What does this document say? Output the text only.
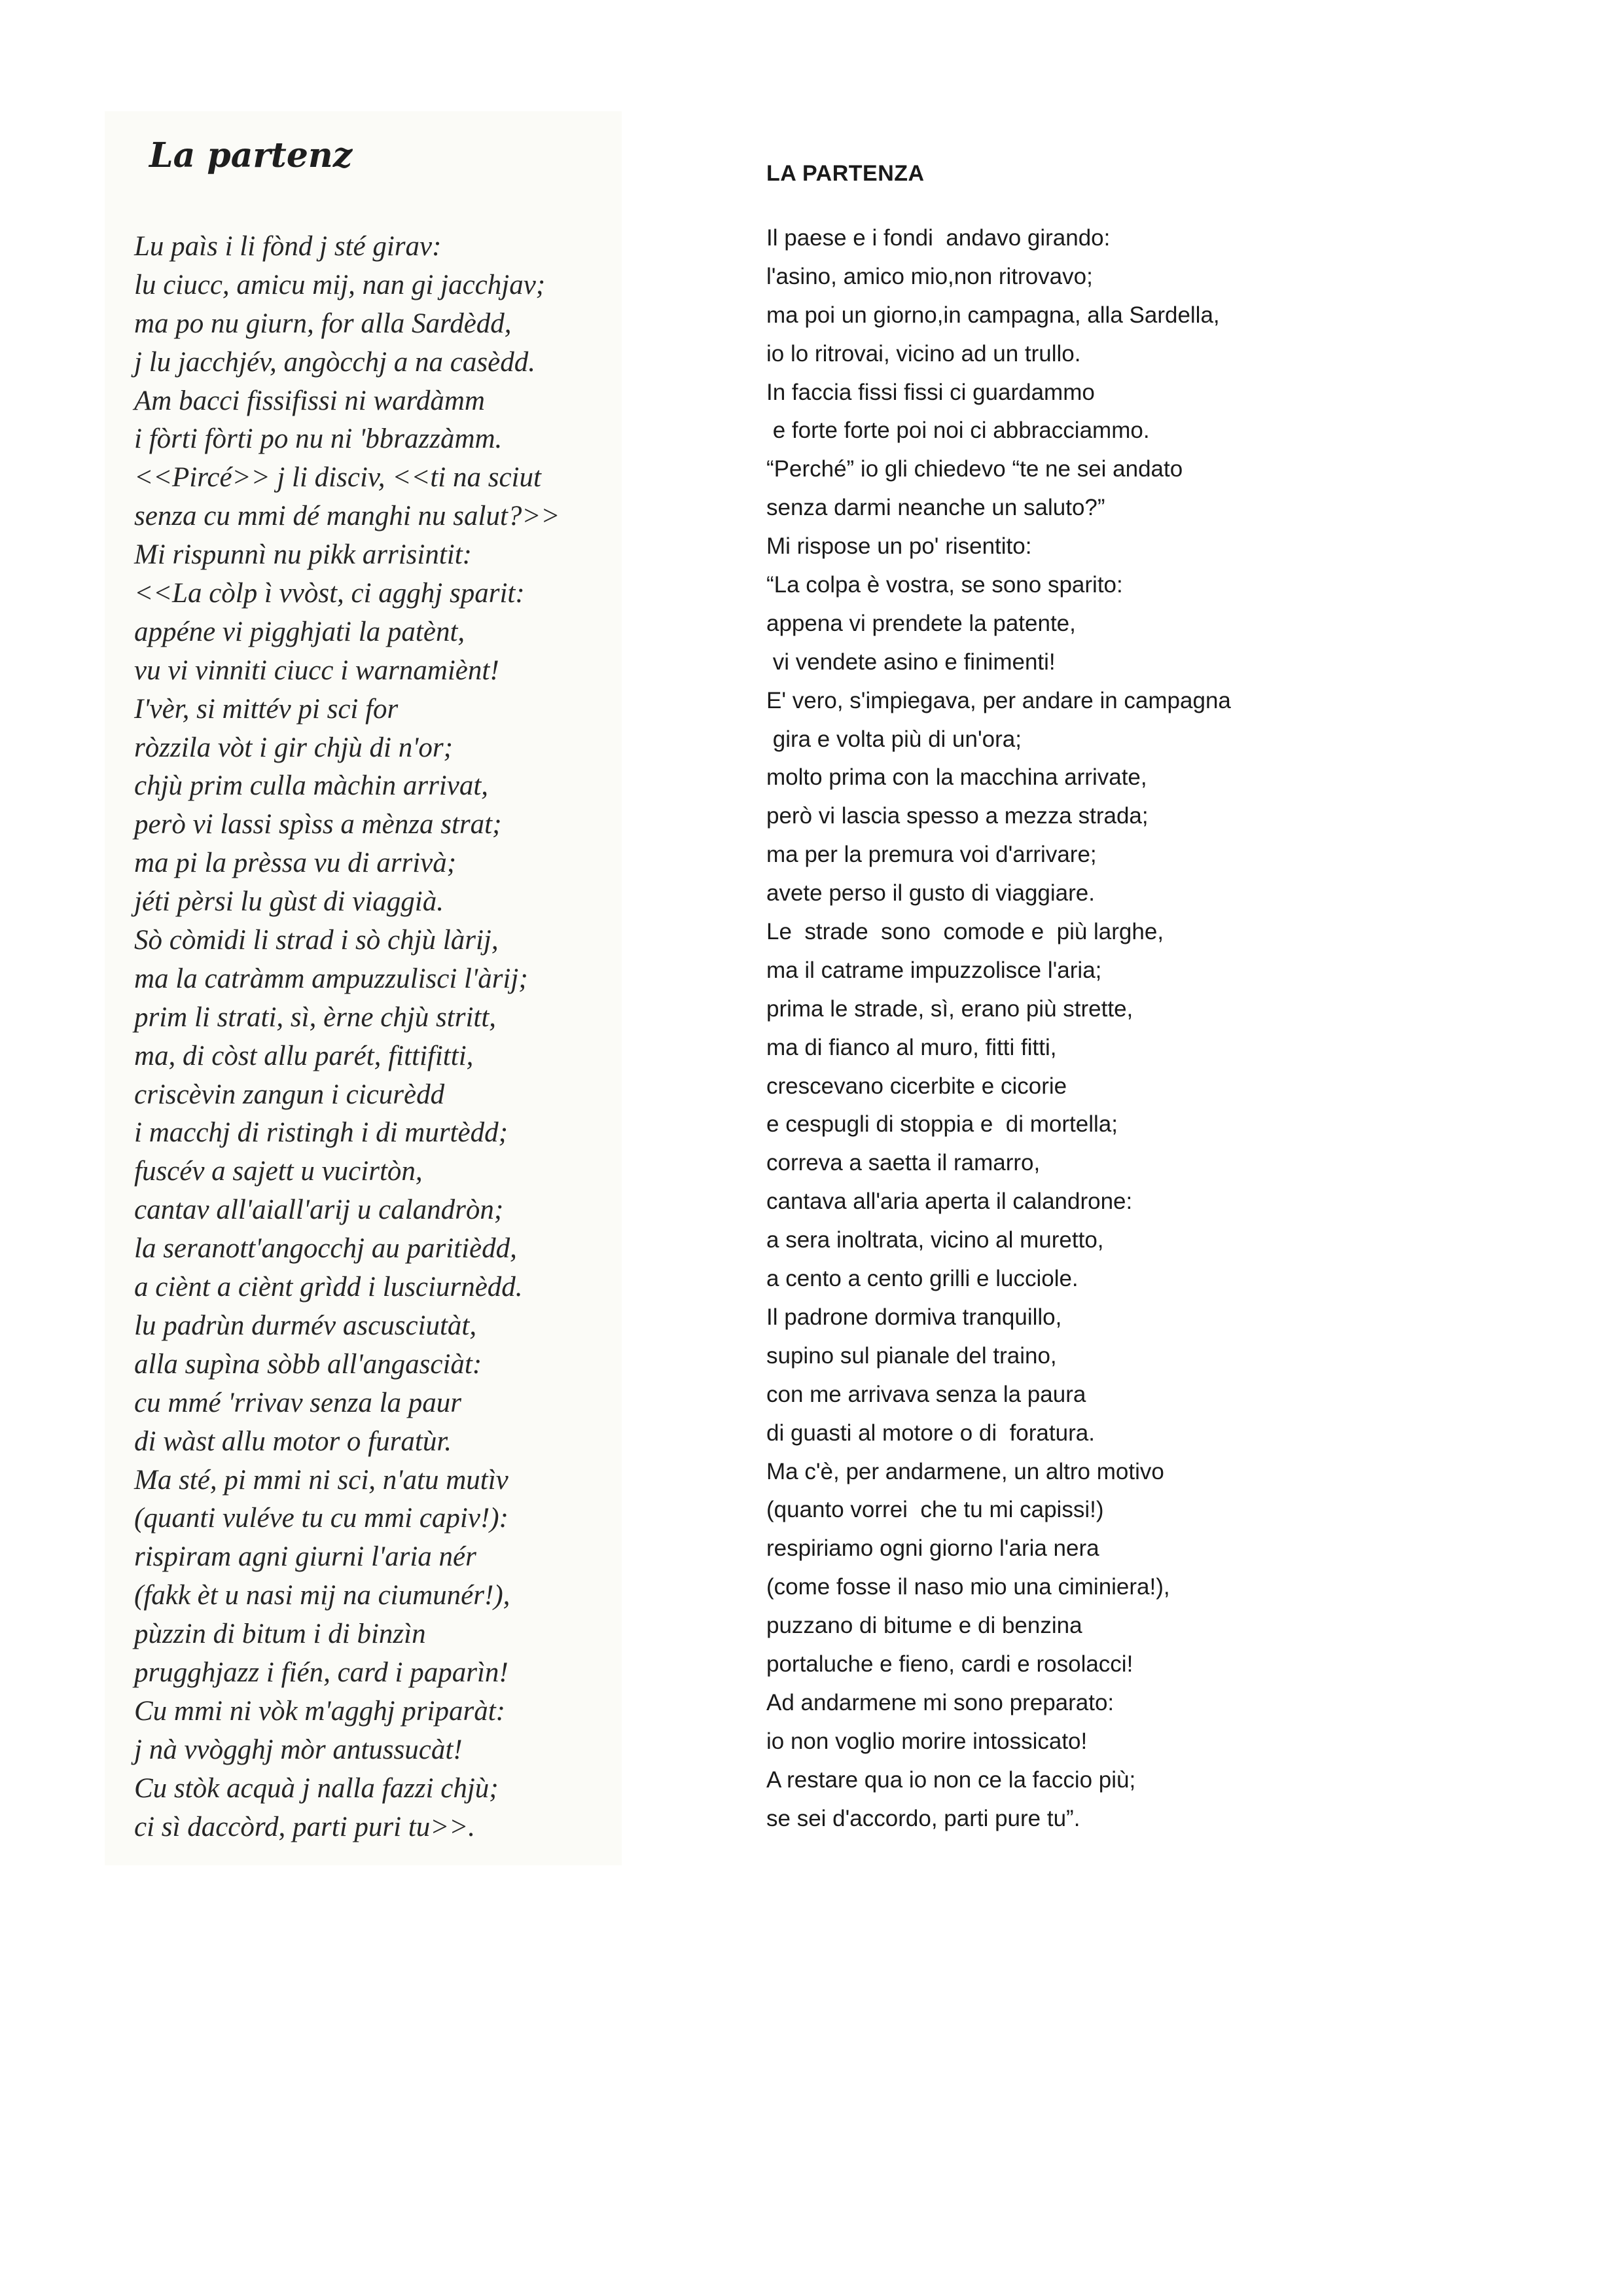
La partenz
Lu paìs i li fònd j sté girav:
lu ciucc, amicu mij, nan gi jacchjav;
ma po nu giurn, for alla Sardèdd,
j lu jacchjév, angòcchj a na casèdd.
Am bacci fissifissi ni wardàmm
i fòrti fòrti po nu ni 'bbrazzàmm.
<<Pircé>> j li disciv, <<ti na sciut
senza cu mmi dé manghi nu salut?>>
Mi rispunnì nu pikk arrisintit:
<<La còlp ì vvòst, ci agghj sparit:
appéne vi pigghjati la patènt,
vu vi vinniti ciucc i warnamiènt!
I'vèr, si mittév pi sci for
ròzzila vòt i gir chjù di n'or;
chjù prim culla màchin arrivat,
però vi lassi spìss a mènza strat;
ma pi la prèssa vu di arrivà;
jéti pèrsi lu gùst di viaggià.
Sò còmidi li strad i sò chjù làrij,
ma la catràmm ampuzzulisci l'àrij;
prim li strati, sì, èrne chjù stritt,
ma, di còst allu parét, fittifitti,
criscèvin zangun i cicurèdd
i macchj di ristingh i di murtèdd;
fuscév a sajett u vucirtòn,
cantav all'aiall'arij u calandròn;
la seranott'angocchj au paritièdd,
a ciènt a ciènt grìdd i lusciurnèdd.
lu padrùn durmév ascusciutàt,
alla supìna sòbb all'angasciàt:
cu mmé 'rrivav senza la paur
di wàst allu motor o furatùr.
Ma sté, pi mmi ni sci, n'atu mutìv
(quanti vuléve tu cu mmi capiv!):
rispiram agni giurni l'aria nér
(fakk èt u nasi mij na ciumunér!),
pùzzin di bitum i di binzìn
prugghjazz i fién, card i paparìn!
Cu mmi ni vòk m'agghj priparàt:
j nà vvògghj mòr antussucàt!
Cu stòk acquà j nalla fazzi chjù;
ci sì daccòrd, parti puri tu>>.
LA PARTENZA
Il paese e i fondi  andavo girando:
l'asino, amico mio,non ritrovavo;
ma poi un giorno,in campagna, alla Sardella,
io lo ritrovai, vicino ad un trullo.
In faccia fissi fissi ci guardammo
e forte forte poi noi ci abbracciammo.
“Perché” io gli chiedevo “te ne sei andato
senza darmi neanche un saluto?”
Mi rispose un po' risentito:
“La colpa è vostra, se sono sparito:
appena vi prendete la patente,
vi vendete asino e finimenti!
E' vero, s'impiegava, per andare in campagna
gira e volta più di un'ora;
molto prima con la macchina arrivate,
però vi lascia spesso a mezza strada;
ma per la premura voi d'arrivare;
avete perso il gusto di viaggiare.
Le  strade  sono  comode e  più larghe,
ma il catrame impuzzolisce l'aria;
prima le strade, sì, erano più strette,
ma di fianco al muro, fitti fitti,
crescevano cicerbite e cicorie
e cespugli di stoppia e  di mortella;
correva a saetta il ramarro,
cantava all'aria aperta il calandrone:
a sera inoltrata, vicino al muretto,
a cento a cento grilli e lucciole.
Il padrone dormiva tranquillo,
supino sul pianale del traino,
con me arrivava senza la paura
di guasti al motore o di  foratura.
Ma c'è, per andarmene, un altro motivo
(quanto vorrei  che tu mi capissi!)
respiriamo ogni giorno l'aria nera
(come fosse il naso mio una ciminiera!),
puzzano di bitume e di benzina
portaluche e fieno, cardi e rosolacci!
Ad andarmene mi sono preparato:
io non voglio morire intossicato!
A restare qua io non ce la faccio più;
se sei d'accordo, parti pure tu”.
